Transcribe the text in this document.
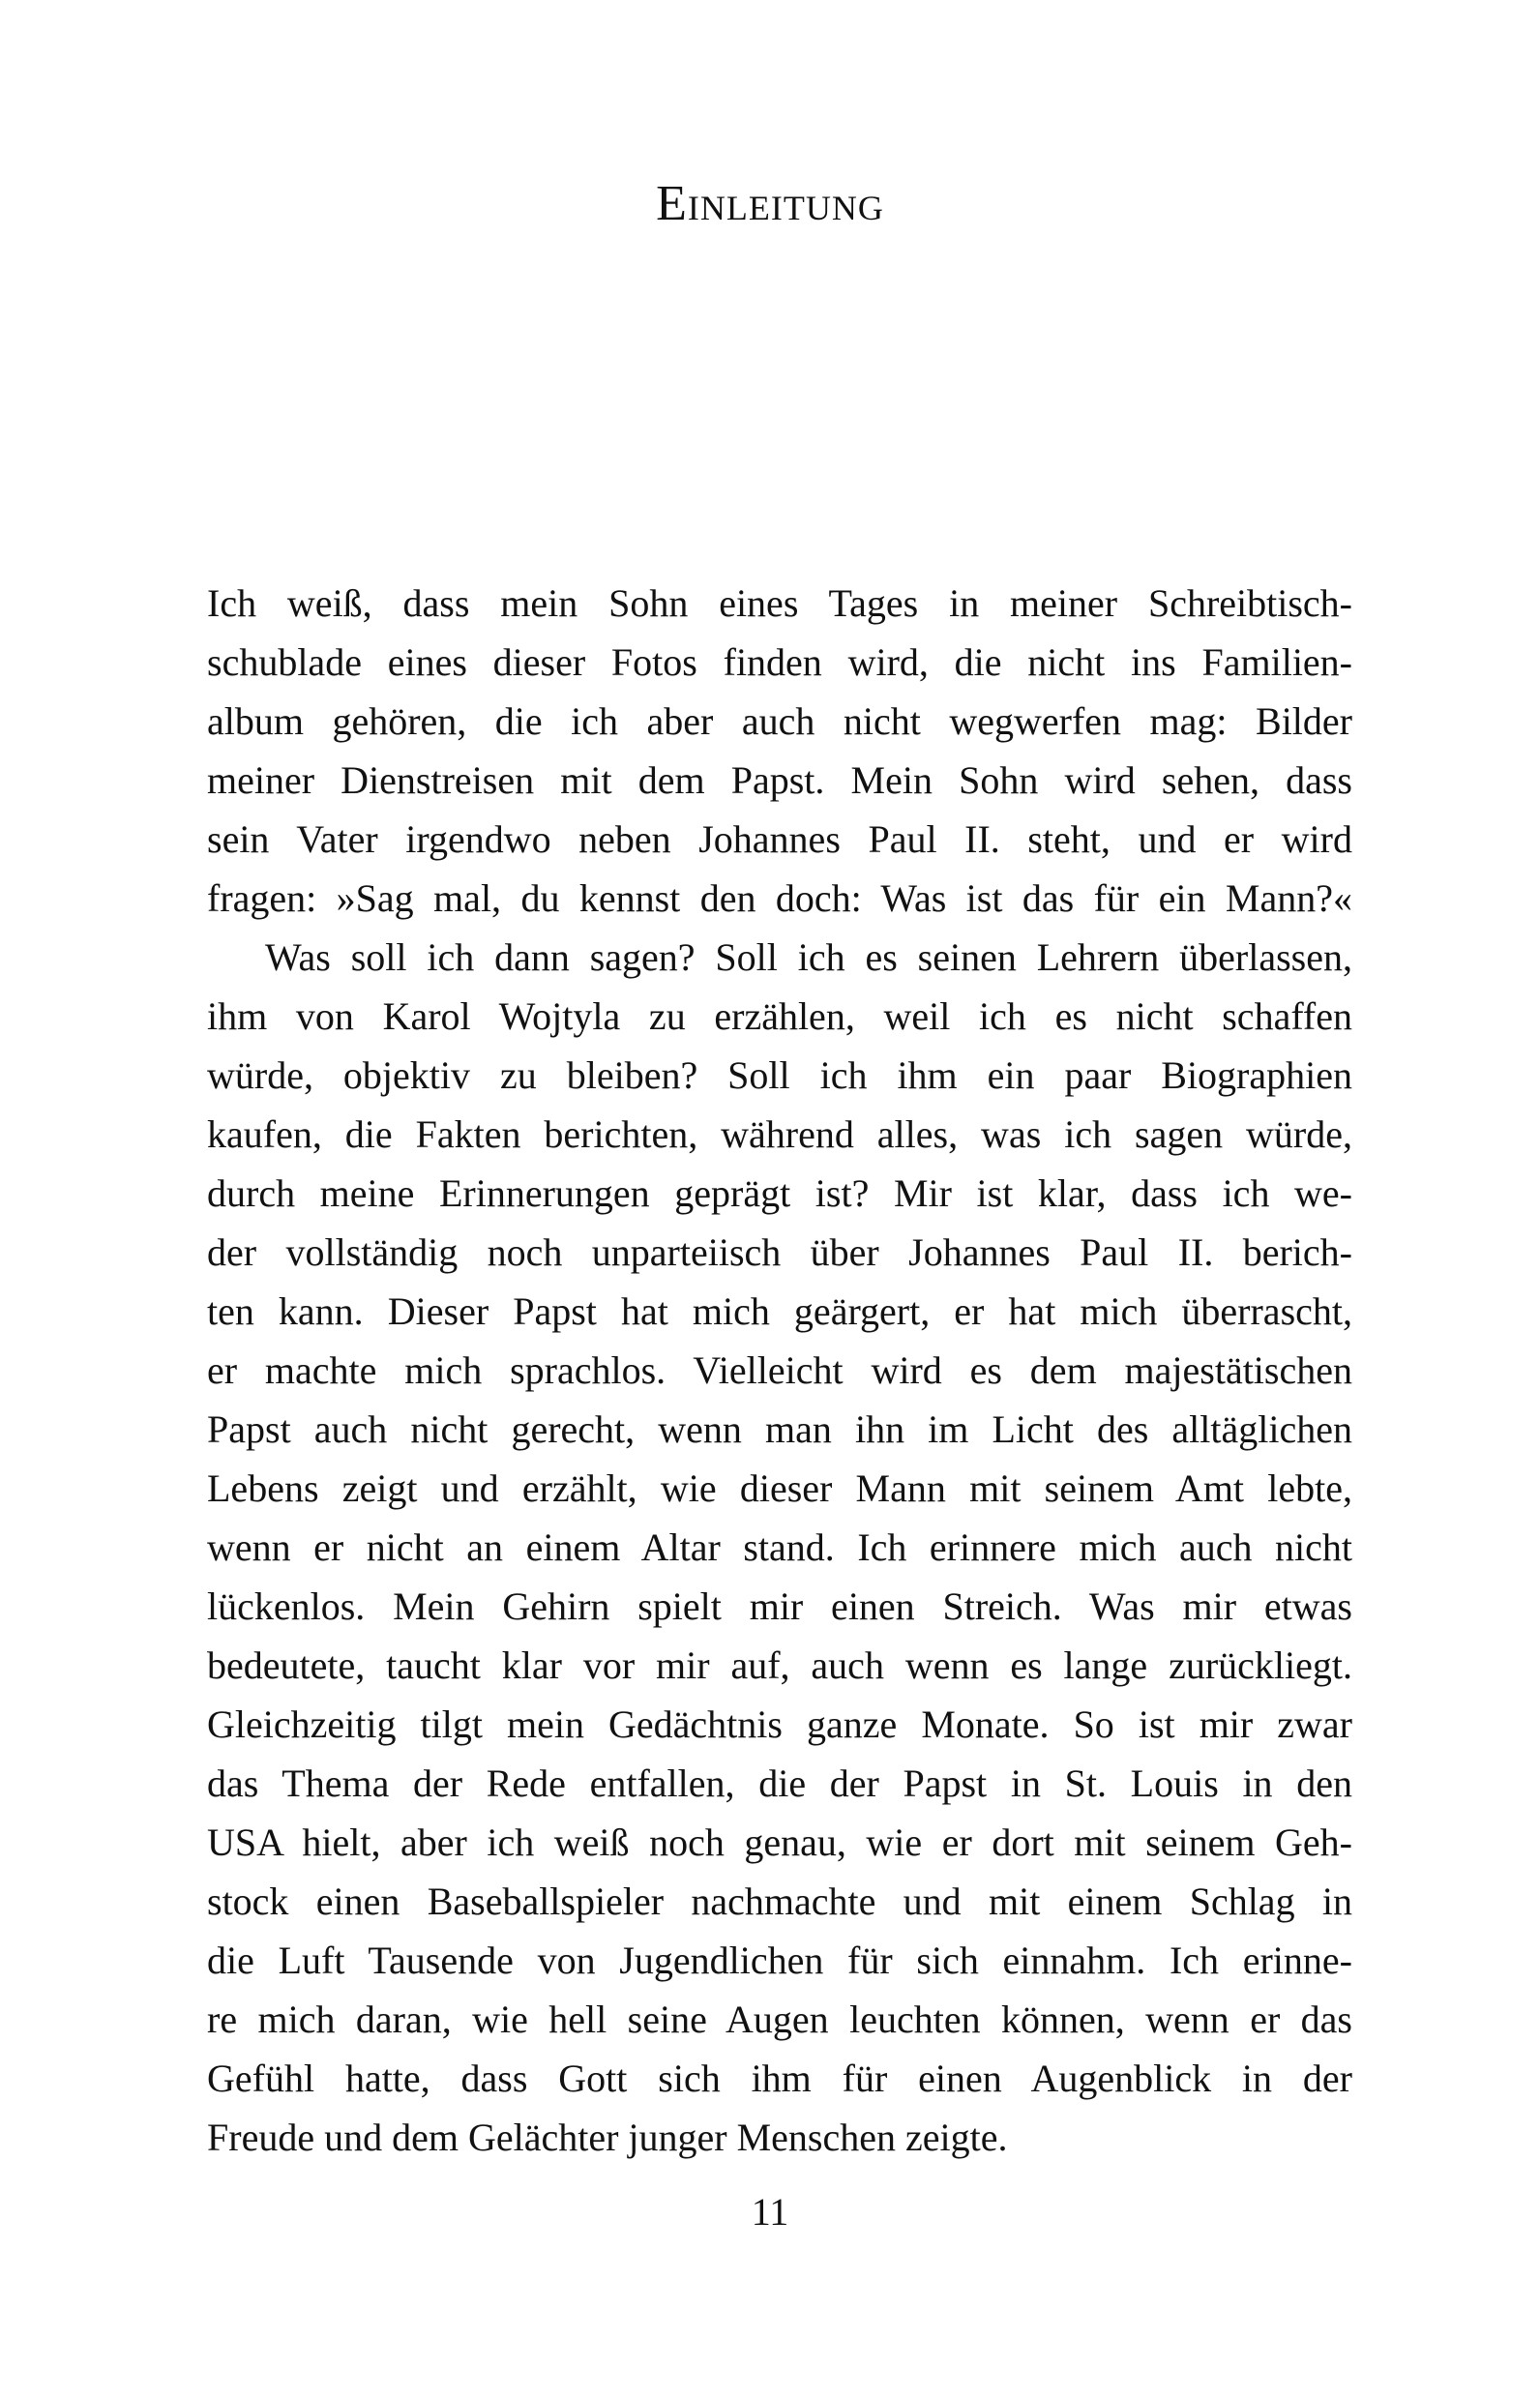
Einleitung
Ich weiß, dass mein Sohn eines Tages in meiner Schreibtisch-
schublade eines dieser Fotos finden wird, die nicht ins Familien-
album gehören, die ich aber auch nicht wegwerfen mag: Bilder
meiner Dienstreisen mit dem Papst. Mein Sohn wird sehen, dass
sein Vater irgendwo neben Johannes Paul II. steht, und er wird
fragen: »Sag mal, du kennst den doch: Was ist das für ein Mann?«
Was soll ich dann sagen? Soll ich es seinen Lehrern überlassen,
ihm von Karol Wojtyla zu erzählen, weil ich es nicht schaffen
würde, objektiv zu bleiben? Soll ich ihm ein paar Biographien
kaufen, die Fakten berichten, während alles, was ich sagen würde,
durch meine Erinnerungen geprägt ist? Mir ist klar, dass ich we-
der vollständig noch unparteiisch über Johannes Paul II. berich-
ten kann. Dieser Papst hat mich geärgert, er hat mich überrascht,
er machte mich sprachlos. Vielleicht wird es dem majestätischen
Papst auch nicht gerecht, wenn man ihn im Licht des alltäglichen
Lebens zeigt und erzählt, wie dieser Mann mit seinem Amt lebte,
wenn er nicht an einem Altar stand. Ich erinnere mich auch nicht
lückenlos. Mein Gehirn spielt mir einen Streich. Was mir etwas
bedeutete, taucht klar vor mir auf, auch wenn es lange zurückliegt.
Gleichzeitig tilgt mein Gedächtnis ganze Monate. So ist mir zwar
das Thema der Rede entfallen, die der Papst in St. Louis in den
USA hielt, aber ich weiß noch genau, wie er dort mit seinem Geh-
stock einen Baseballspieler nachmachte und mit einem Schlag in
die Luft Tausende von Jugendlichen für sich einnahm. Ich erinne-
re mich daran, wie hell seine Augen leuchten können, wenn er das
Gefühl hatte, dass Gott sich ihm für einen Augenblick in der
Freude und dem Gelächter junger Menschen zeigte.
11
